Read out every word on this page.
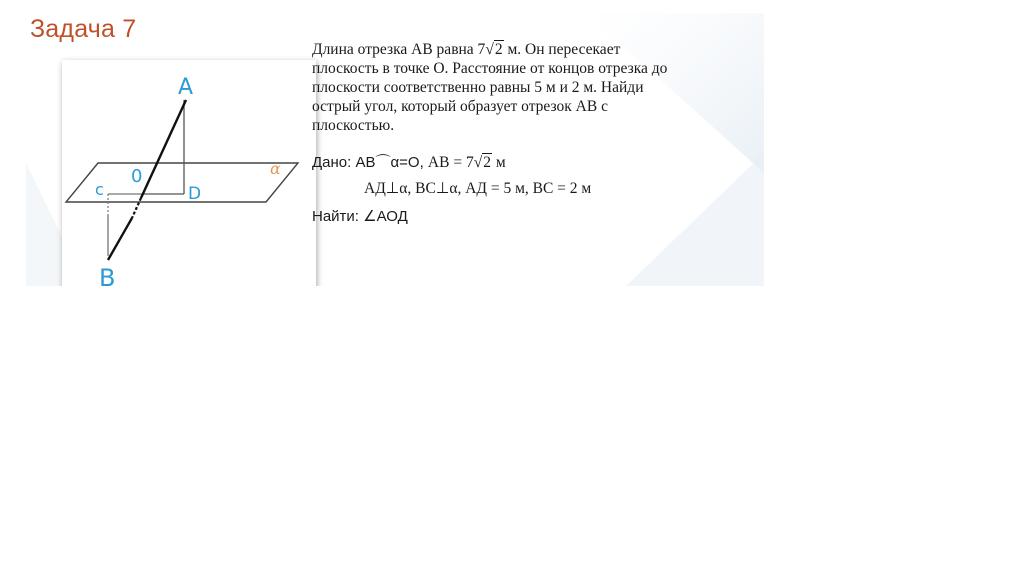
Задача 7
A
B
c
0
D
α
Длина отрезка АВ равна 7√2 м. Он пересекает
плоскость в точке О. Расстояние от концов отрезка до
плоскости соответственно равны 5 м и 2 м. Найди
острый угол, который образует отрезок АВ с
плоскостью.
Дано: АВ⌒α=О, АВ = 7√2 м
АД⊥α, ВС⊥α, АД = 5 м, ВС = 2 м
Найти: ∠АОД
